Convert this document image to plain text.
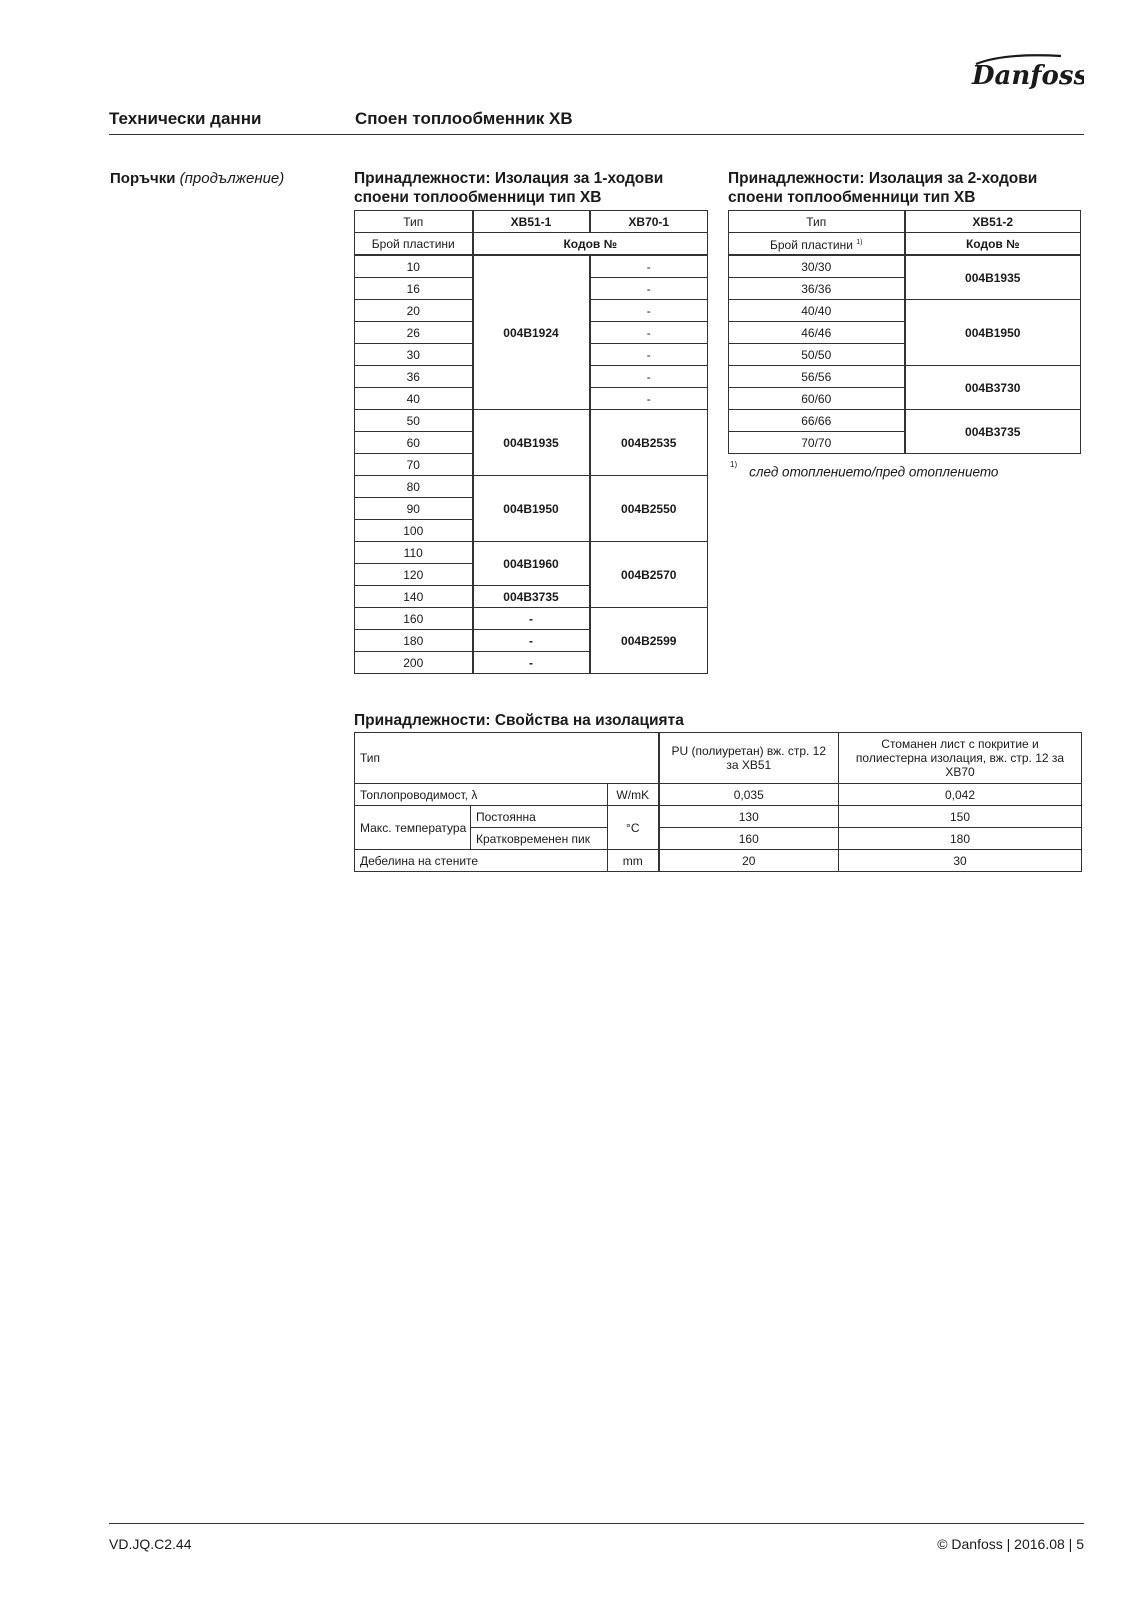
Danfoss
Технически данни	Споен топлообменник XB
Поръчки (продължение)	Принадлежности: Изолация за 1-ходови
споени топлообменници тип XB
Тип	XB51-1	XB70-1
Брой пластини	Кодов №	
10	004B1924	-
16		-
20		-
26		-
30		-
36		-
40		-
50	004B1935	004B2535
60		
70		
80	004B1950	004B2550
90		
100		
110	004B1960	004B2570
120		
140	004B3735	
160	-	004B2599
180	-	
200	-	
Принадлежности: Изолация за 2-ходови
споени топлообменници тип XB
Тип	XB51-2
Брой пластини $^{1)}$	Кодов №
30/30	004B1935
36/36	
40/40	004B1950
46/46	
50/50	
56/56	004B3730
60/60	
66/66	004B3735
70/70	
$^{1)}$ след отоплението/пред отоплението
Принадлежности: Свойства на изолацията
Тип			PU (полиуретан) вж. стр. 12 за XB51	Стоманен лист с покритие и полиестерна изолация, вж. стр. 12 за XB70
Топлопроводимост, λ		W/mK	0,035	0,042
Макс. температура	Постоянна	°C	130	150
	Кратковременен пик		160	180
Дебелина на стените		mm	20	30
VD.JQ.C2.44	© Danfoss | 2016.08 | 5
